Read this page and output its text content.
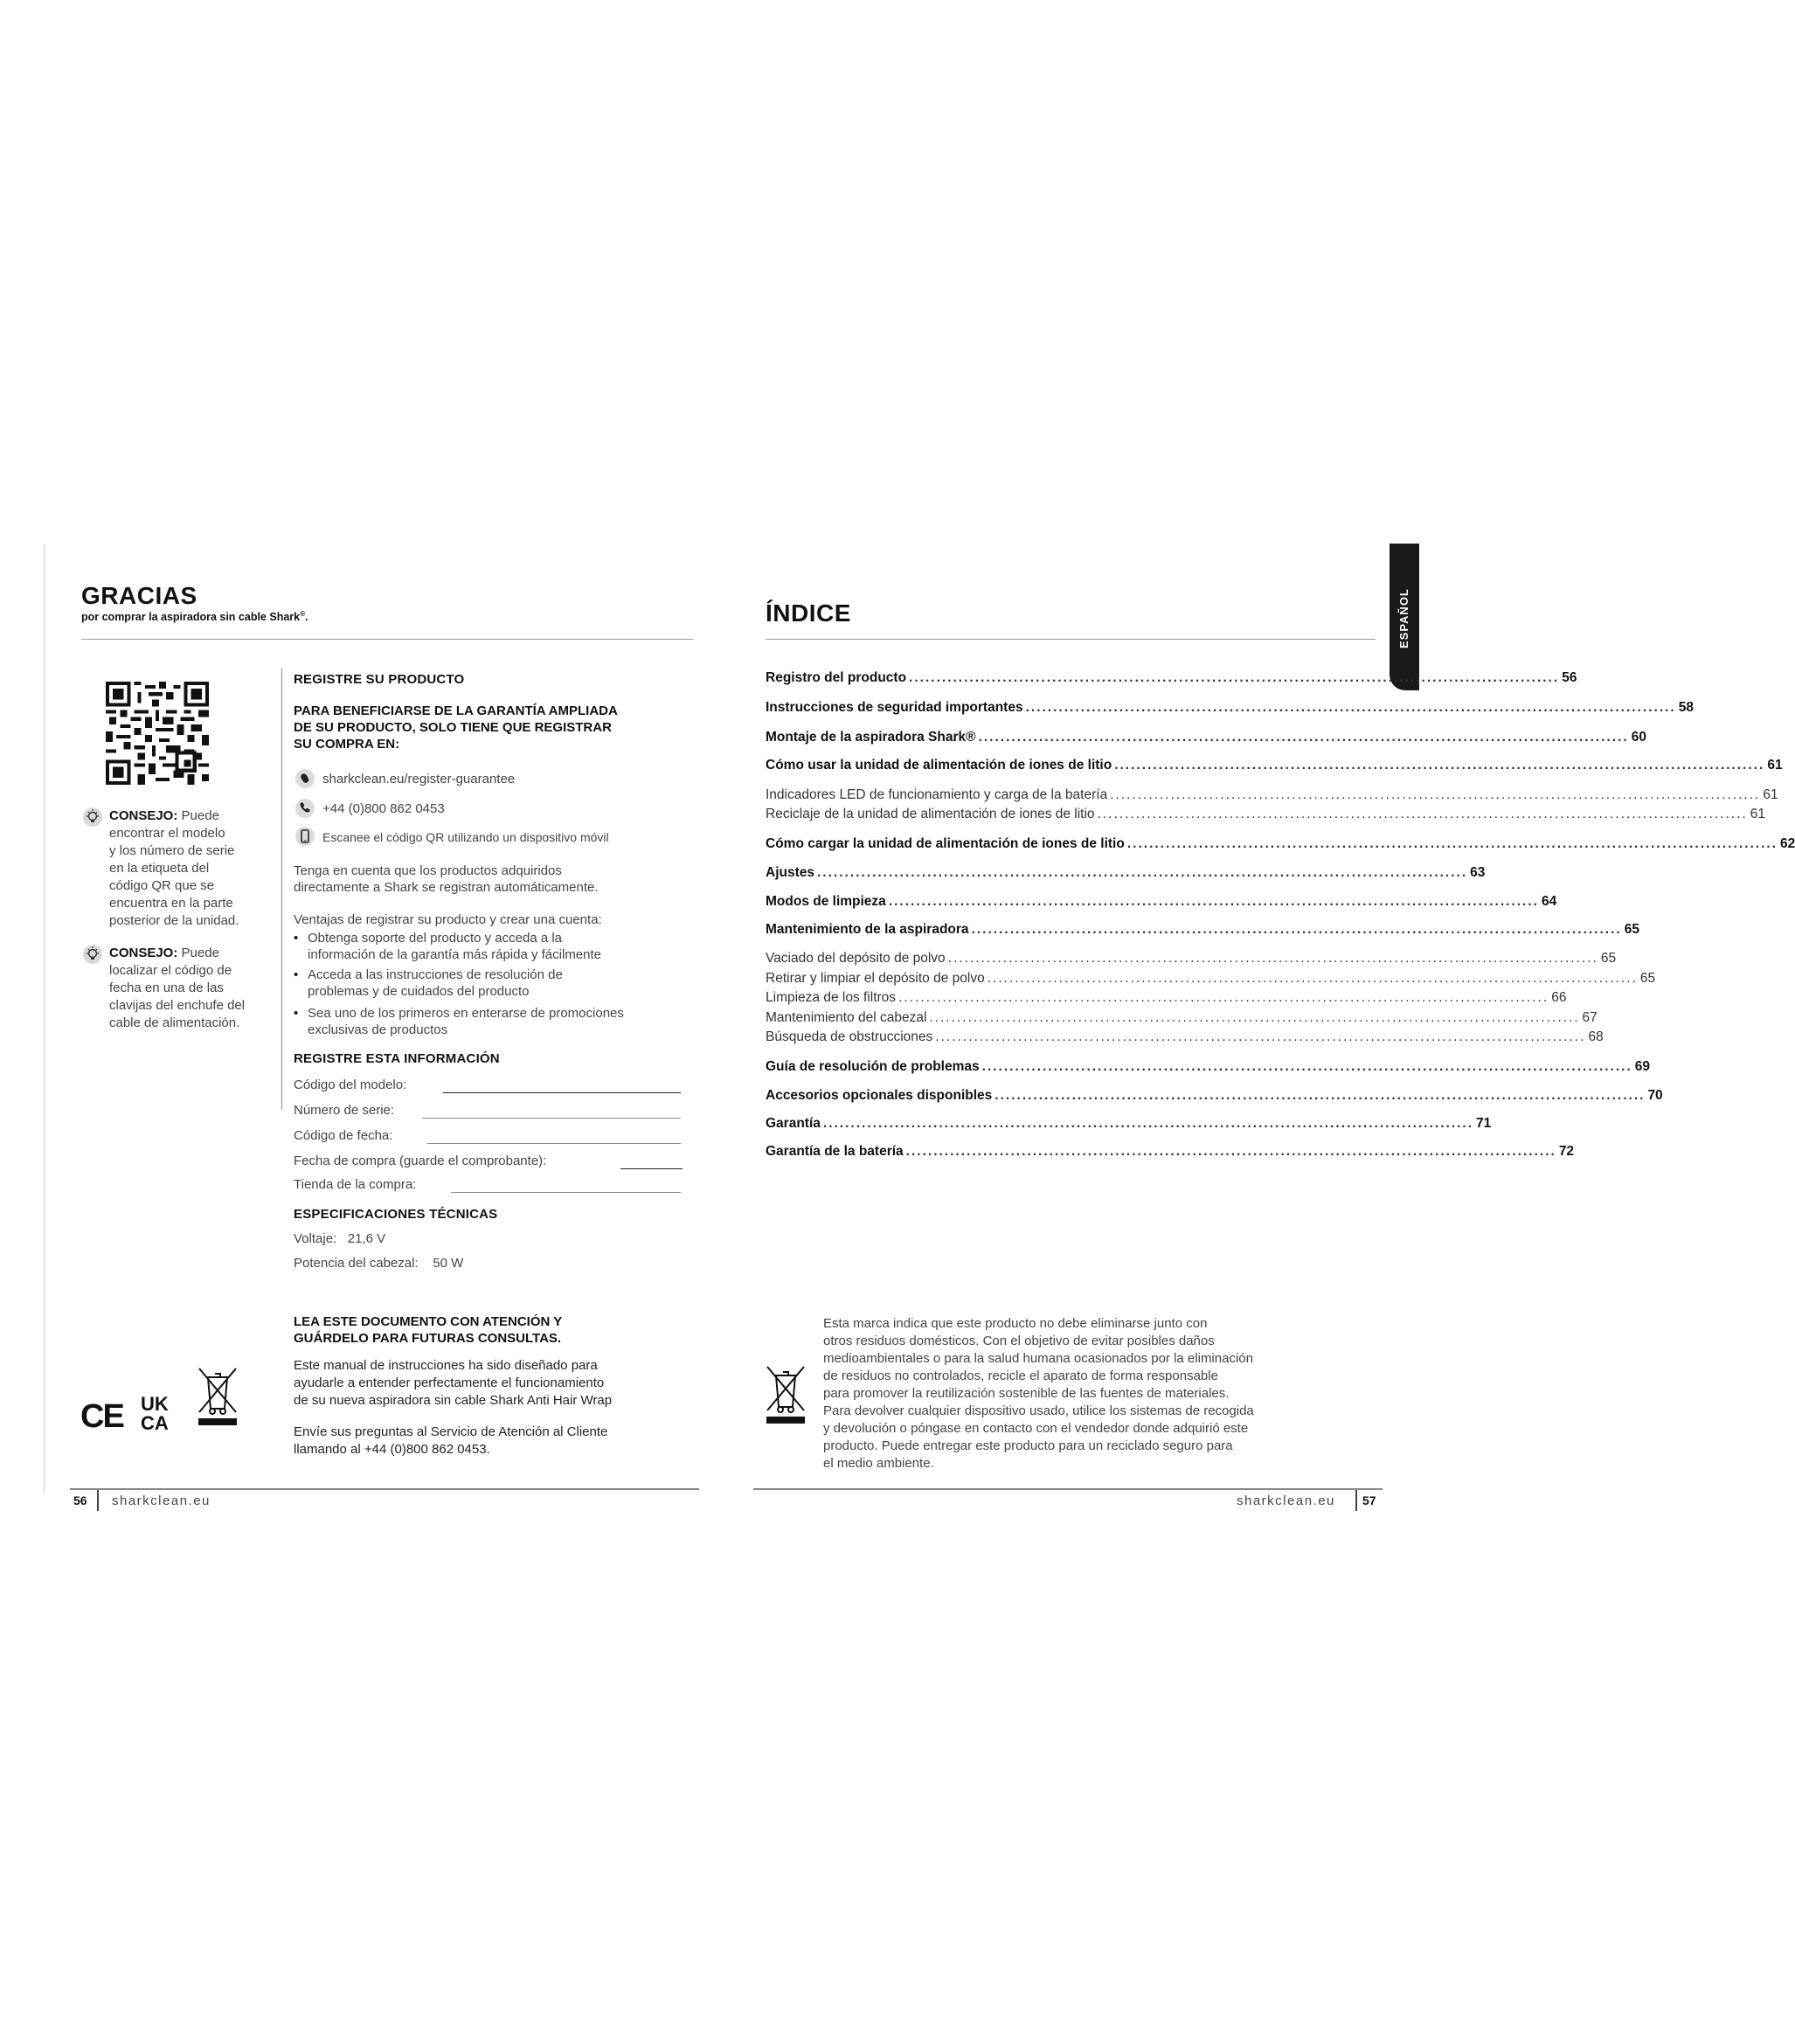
GRACIAS
por comprar la aspiradora sin cable Shark®.
CONSEJO: Puede
encontrar el modelo
y los número de serie
en la etiqueta del
código QR que se
encuentra en la parte
posterior de la unidad.
CONSEJO: Puede
localizar el código de
fecha en una de las
clavijas del enchufe del
cable de alimentación.
REGISTRE SU PRODUCTO
PARA BENEFICIARSE DE LA GARANTÍA AMPLIADA
DE SU PRODUCTO, SOLO TIENE QUE REGISTRAR
SU COMPRA EN:
sharkclean.eu/register-guarantee
+44 (0)800 862 0453
Escanee el código QR utilizando un dispositivo móvil
Tenga en cuenta que los productos adquiridos
directamente a Shark se registran automáticamente.
Ventajas de registrar su producto y crear una cuenta:
• Obtenga soporte del producto y acceda a la
información de la garantía más rápida y fácilmente
• Acceda a las instrucciones de resolución de
problemas y de cuidados del producto
• Sea uno de los primeros en enterarse de promociones
exclusivas de productos
REGISTRE ESTA INFORMACIÓN
Código del modelo:
Número de serie:
Código de fecha:
Fecha de compra (guarde el comprobante):
Tienda de la compra:
ESPECIFICACIONES TÉCNICAS
Voltaje: 21,6 V
Potencia del cabezal: 50 W
LEA ESTE DOCUMENTO CON ATENCIÓN Y
GUÁRDELO PARA FUTURAS CONSULTAS.
Este manual de instrucciones ha sido diseñado para
ayudarle a entender perfectamente el funcionamiento
de su nueva aspiradora sin cable Shark Anti Hair Wrap
Envíe sus preguntas al Servicio de Atención al Cliente
llamando al +44 (0)800 862 0453.
CE UK
CA
56 sharkclean.eu
ESPAÑOL
ÍNDICE
Registro del producto ...................................................................................................................... 56
Instrucciones de seguridad importantes ...................................................................................................................... 58
Montaje de la aspiradora Shark® ...................................................................................................................... 60
Cómo usar la unidad de alimentación de iones de litio ...................................................................................................................... 61
Indicadores LED de funcionamiento y carga de la batería ...................................................................................................................... 61
Reciclaje de la unidad de alimentación de iones de litio ...................................................................................................................... 61
Cómo cargar la unidad de alimentación de iones de litio ...................................................................................................................... 62
Ajustes ...................................................................................................................... 63
Modos de limpieza ...................................................................................................................... 64
Mantenimiento de la aspiradora ...................................................................................................................... 65
Vaciado del depósito de polvo ...................................................................................................................... 65
Retirar y limpiar el depósito de polvo ...................................................................................................................... 65
Limpieza de los filtros ...................................................................................................................... 66
Mantenimiento del cabezal ...................................................................................................................... 67
Búsqueda de obstrucciones ...................................................................................................................... 68
Guía de resolución de problemas ...................................................................................................................... 69
Accesorios opcionales disponibles ...................................................................................................................... 70
Garantía ...................................................................................................................... 71
Garantía de la batería ...................................................................................................................... 72
Esta marca indica que este producto no debe eliminarse junto con
otros residuos domésticos. Con el objetivo de evitar posibles daños
medioambientales o para la salud humana ocasionados por la eliminación
de residuos no controlados, recicle el aparato de forma responsable
para promover la reutilización sostenible de las fuentes de materiales.
Para devolver cualquier dispositivo usado, utilice los sistemas de recogida
y devolución o póngase en contacto con el vendedor donde adquirió este
producto. Puede entregar este producto para un reciclado seguro para
el medio ambiente.
sharkclean.eu 57
